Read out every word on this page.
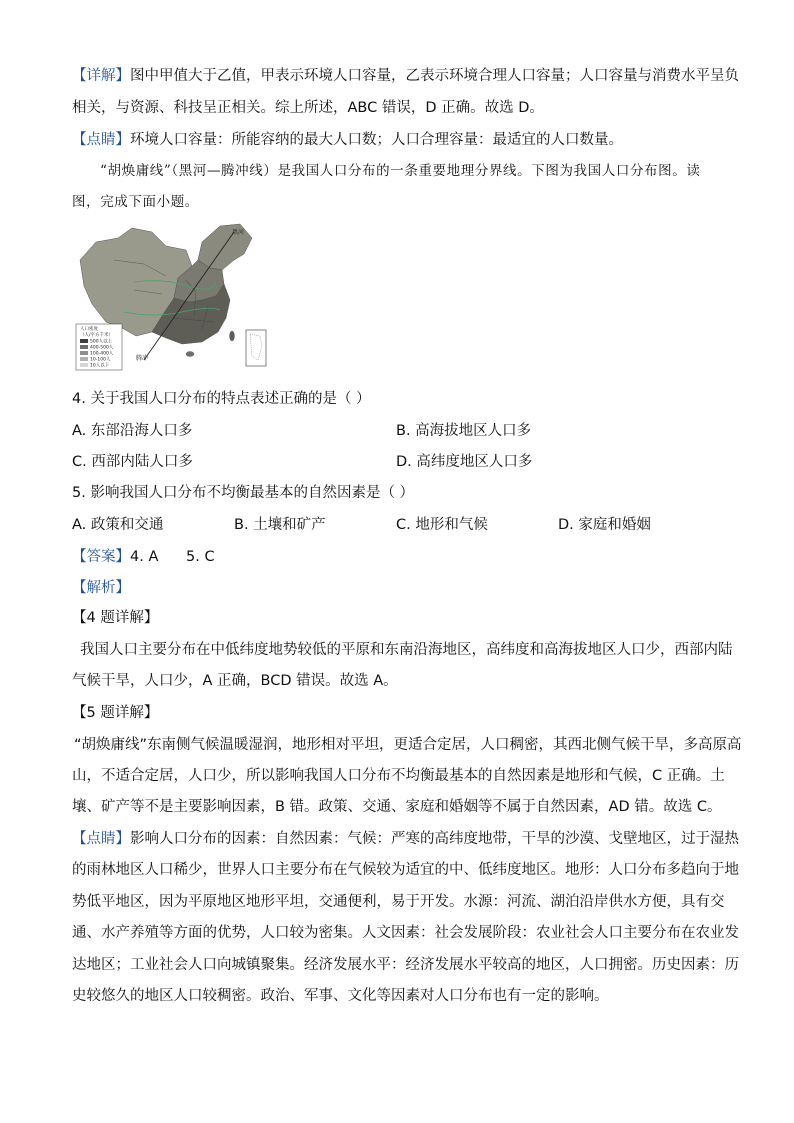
【详解】图中甲值大于乙值，甲表示环境人口容量，乙表示环境合理人口容量；人口容量与消费水平呈负
相关，与资源、科技呈正相关。综上所述，ABC 错误，D 正确。故选 D。
【点睛】环境人口容量：所能容纳的最大人口数；人口合理容量：最适宜的人口数量。
“胡焕庸线”（黑河—腾冲线）是我国人口分布的一条重要地理分界线。下图为我国人口分布图。读
图，完成下面小题。
黑河
腾冲
人口密度
（人/平方千米）
500人以上
400-500人
100-400人
10-100人
10人以下
4. 关于我国人口分布的特点表述正确的是（ ）
A. 东部沿海人口多	B. 高海拔地区人口多
C. 西部内陆人口多	D. 高纬度地区人口多
5. 影响我国人口分布不均衡最基本的自然因素是（ ）
A. 政策和交通	B. 土壤和矿产	C. 地形和气候	D. 家庭和婚姻
【答案】4. A      5. C
【解析】
【4 题详解】
我国人口主要分布在中低纬度地势较低的平原和东南沿海地区，高纬度和高海拔地区人口少，西部内陆
气候干旱，人口少，A 正确，BCD 错误。故选 A。
【5 题详解】
“胡焕庸线”东南侧气候温暖湿润，地形相对平坦，更适合定居，人口稠密，其西北侧气候干旱，多高原高
山，不适合定居，人口少，所以影响我国人口分布不均衡最基本的自然因素是地形和气候，C 正确。土
壤、矿产等不是主要影响因素，B 错。政策、交通、家庭和婚姻等不属于自然因素，AD 错。故选 C。
【点睛】影响人口分布的因素：自然因素：气候：严寒的高纬度地带，干旱的沙漠、戈壁地区，过于湿热
的雨林地区人口稀少，世界人口主要分布在气候较为适宜的中、低纬度地区。地形：人口分布多趋向于地
势低平地区，因为平原地区地形平坦，交通便利，易于开发。水源：河流、湖泊沿岸供水方便，具有交
通、水产养殖等方面的优势，人口较为密集。人文因素：社会发展阶段：农业社会人口主要分布在农业发
达地区；工业社会人口向城镇聚集。经济发展水平：经济发展水平较高的地区，人口拥密。历史因素：历
史较悠久的地区人口较稠密。政治、军事、文化等因素对人口分布也有一定的影响。
